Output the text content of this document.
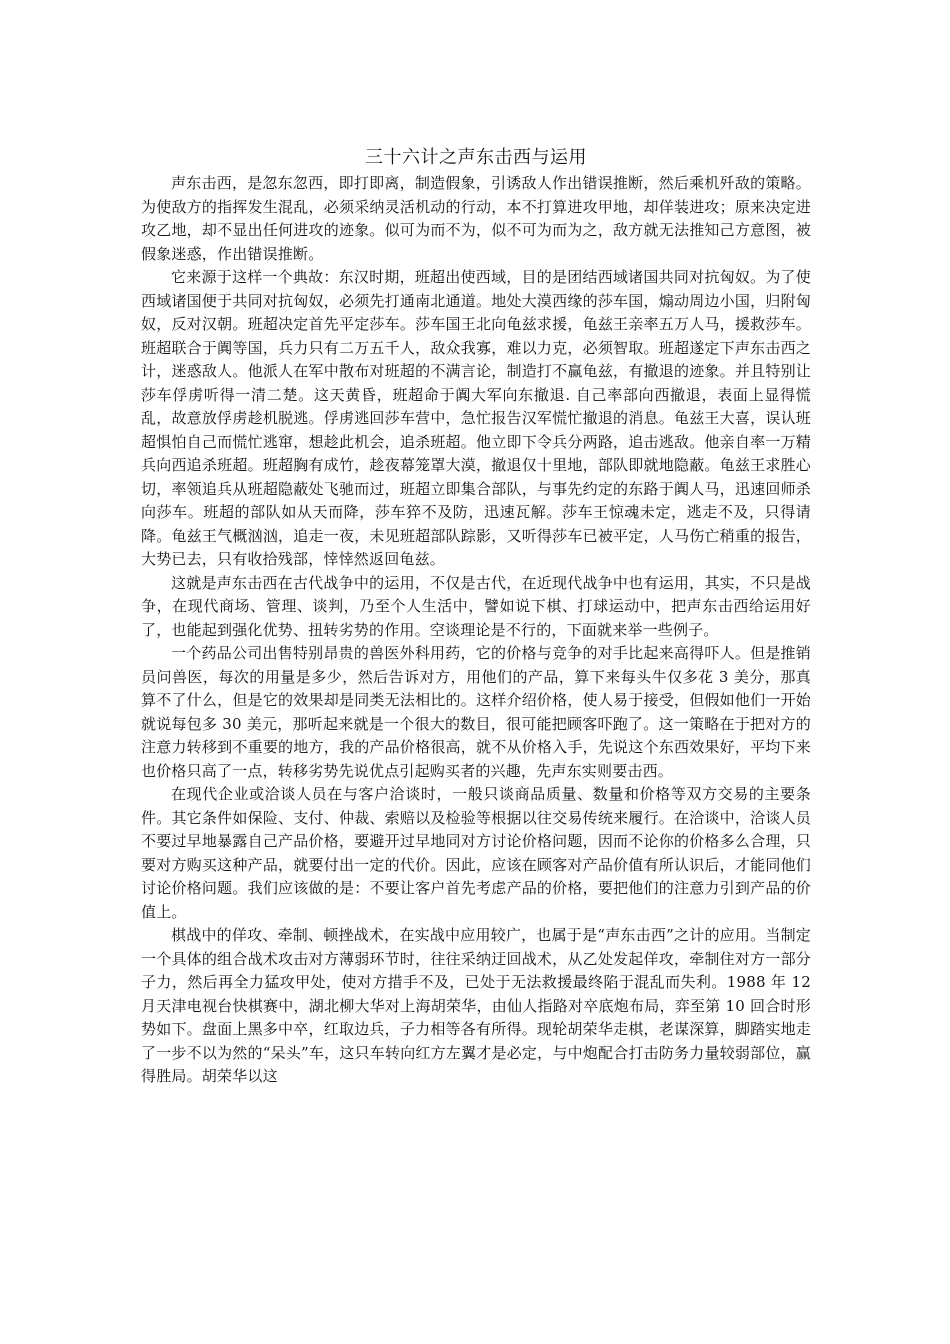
三十六计之声东击西与运用

声东击西，是忽东忽西，即打即离，制造假象，引诱敌人作出错误推断，然后乘机歼敌的策略。为使敌方的指挥发生混乱，必须采纳灵活机动的行动，本不打算进攻甲地，却佯装进攻；原来决定进攻乙地，却不显出任何进攻的迹象。似可为而不为，似不可为而为之，敌方就无法推知己方意图，被假象迷惑，作出错误推断。

它来源于这样一个典故：东汉时期，班超出使西域，目的是团结西域诸国共同对抗匈奴。为了使西域诸国便于共同对抗匈奴，必须先打通南北通道。地处大漠西缘的莎车国，煽动周边小国，归附匈奴，反对汉朝。班超决定首先平定莎车。莎车国王北向龟兹求援，龟兹王亲率五万人马，援救莎车。班超联合于阗等国，兵力只有二万五千人，敌众我寡，难以力克，必须智取。班超遂定下声东击西之计，迷惑敌人。他派人在军中散布对班超的不满言论，制造打不赢龟兹，有撤退的迹象。并且特别让莎车俘虏听得一清二楚。这天黄昏，班超命于阗大军向东撤退. 自己率部向西撤退，表面上显得慌乱，故意放俘虏趁机脱逃。俘虏逃回莎车营中，急忙报告汉军慌忙撤退的消息。龟兹王大喜，误认班超惧怕自己而慌忙逃窜，想趁此机会，追杀班超。他立即下令兵分两路，追击逃敌。他亲自率一万精兵向西追杀班超。班超胸有成竹，趁夜幕笼罩大漠，撤退仅十里地，部队即就地隐蔽。龟兹王求胜心切，率领追兵从班超隐蔽处飞驰而过，班超立即集合部队，与事先约定的东路于阗人马，迅速回师杀向莎车。班超的部队如从天而降，莎车猝不及防，迅速瓦解。莎车王惊魂未定，逃走不及，只得请降。龟兹王气概汹汹，追走一夜，未见班超部队踪影，又听得莎车已被平定，人马伤亡稍重的报告，大势已去，只有收拾残部，悻悻然返回龟兹。

这就是声东击西在古代战争中的运用，不仅是古代，在近现代战争中也有运用，其实，不只是战争，在现代商场、管理、谈判，乃至个人生活中，譬如说下棋、打球运动中，把声东击西给运用好了，也能起到强化优势、扭转劣势的作用。空谈理论是不行的，下面就来举一些例子。

一个药品公司出售特别昂贵的兽医外科用药，它的价格与竞争的对手比起来高得吓人。但是推销员问兽医，每次的用量是多少，然后告诉对方，用他们的产品，算下来每头牛仅多花 3 美分，那真算不了什么，但是它的效果却是同类无法相比的。这样介绍价格，使人易于接受，但假如他们一开始就说每包多 30 美元，那听起来就是一个很大的数目，很可能把顾客吓跑了。这一策略在于把对方的注意力转移到不重要的地方，我的产品价格很高，就不从价格入手，先说这个东西效果好，平均下来也价格只高了一点，转移劣势先说优点引起购买者的兴趣，先声东实则要击西。

在现代企业或洽谈人员在与客户洽谈时，一般只谈商品质量、数量和价格等双方交易的主要条件。其它条件如保险、支付、仲裁、索赔以及检验等根据以往交易传统来履行。在洽谈中，洽谈人员不要过早地暴露自己产品价格，要避开过早地同对方讨论价格问题，因而不论你的价格多么合理，只要对方购买这种产品，就要付出一定的代价。因此，应该在顾客对产品价值有所认识后，才能同他们讨论价格问题。我们应该做的是：不要让客户首先考虑产品的价格，要把他们的注意力引到产品的价值上。

棋战中的佯攻、牵制、顿挫战术，在实战中应用较广，也属于是“声东击西”之计的应用。当制定一个具体的组合战术攻击对方薄弱环节时，往往采纳迂回战术，从乙处发起佯攻，牵制住对方一部分子力，然后再全力猛攻甲处，使对方措手不及，已处于无法救援最终陷于混乱而失利。1988 年 12 月天津电视台快棋赛中，湖北柳大华对上海胡荣华，由仙人指路对卒底炮布局，弈至第 10 回合时形势如下。盘面上黑多中卒，红取边兵，子力相等各有所得。现轮胡荣华走棋，老谋深算，脚踏实地走了一步不以为然的“呆头”车，这只车转向红方左翼才是必定，与中炮配合打击防务力量较弱部位，赢得胜局。胡荣华以这
